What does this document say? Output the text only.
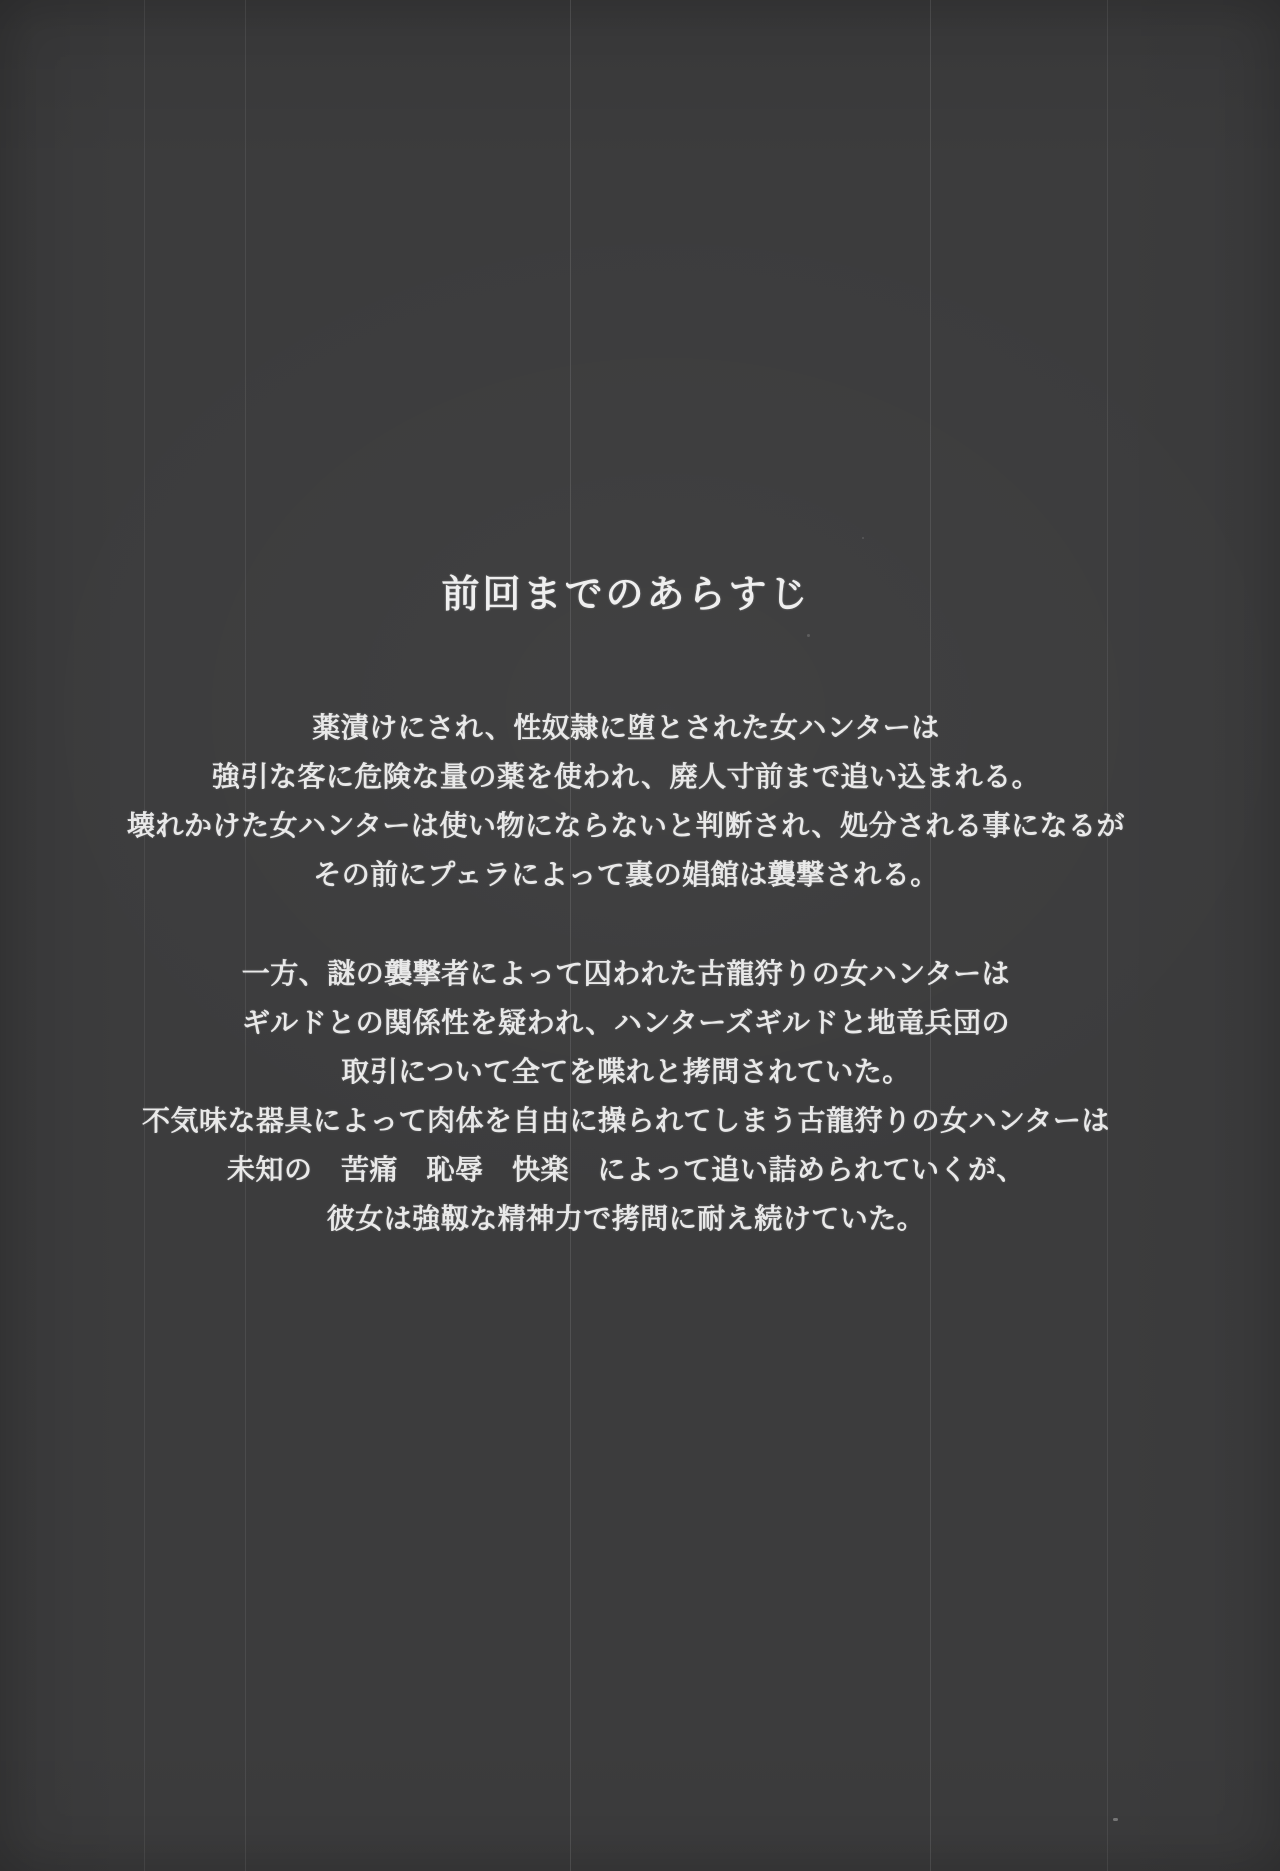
前回までのあらすじ
薬漬けにされ、性奴隷に堕とされた女ハンターは
強引な客に危険な量の薬を使われ、廃人寸前まで追い込まれる。
壊れかけた女ハンターは使い物にならないと判断され、処分される事になるが
その前にプェラによって裏の娼館は襲撃される。
一方、謎の襲撃者によって囚われた古龍狩りの女ハンターは
ギルドとの関係性を疑われ、ハンターズギルドと地竜兵団の
取引について全てを喋れと拷問されていた。
不気味な器具によって肉体を自由に操られてしまう古龍狩りの女ハンターは
未知の　苦痛　恥辱　快楽　によって追い詰められていくが、
彼女は強靱な精神力で拷問に耐え続けていた。
